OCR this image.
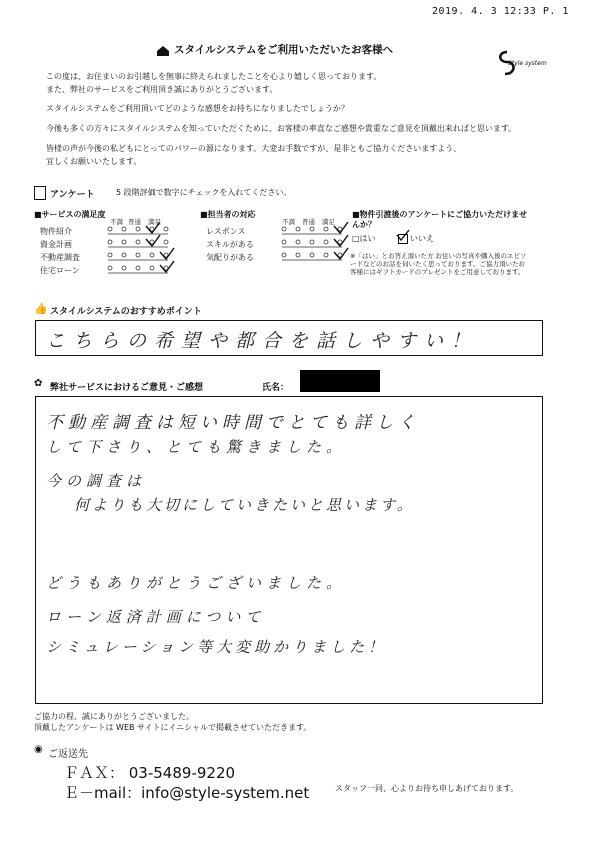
2019. 4. 3 12:33 P. 1
スタイルシステムをご利用いただいたお客様へ
Style system
この度は、お住まいのお引越しを無事に終えられましたことを心より嬉しく思っております。
また、弊社のサービスをご利用頂き誠にありがとうございます。
スタイルシステムをご利用頂いてどのような感想をお持ちになりましたでしょうか？
今後も多くの方々にスタイルシステムを知っていただくために、お客様の率直なご感想や貴重なご意見を頂戴出来ればと思います。
皆様の声が今後の私どもにとってのパワーの源になります。大変お手数ですが、是非ともご協力くださいますよう、
宜しくお願いいたします。
アンケート	5 段階評価で数字にチェックを入れてください。
■サービスの満足度
不満 普通 満足
物件紹介
資金計画
不動産調査
住宅ローン
■担当者の対応
不満 普通 満足
レスポンス
スキルがある
気配りがある
■物件引渡後のアンケートにご協力いただけませんか？
□はい	いいえ
※「はい」とお答え頂いた方 お住いの写真や購入後のエピソードなどのお話を伺いたく思っております。ご協力頂いたお客様にはギフトカードのプレゼントをご用意しております。
👍 スタイルシステムのおすすめポイント
こちらの希望や都合を話しやすい！
✿ 弊社サービスにおけるご意見・ご感想	氏名：
不動産調査は短い時間でとても詳しく
して下さり、とても驚きました。
今の調査は
何よりも大切にしていきたいと思います。
どうもありがとうございました。
ローン返済計画について
シミュレーション等大変助かりました！
ご協力の程、誠にありがとうございました。
頂戴したアンケートは WEB サイトにイニシャルで掲載させていただきます。
◉ ご返送先
ＦＡＸ： 03-5489-9220
Ｅ－mail：info@style-system.net	スタッフ一同、心よりお待ち申しあげております。
